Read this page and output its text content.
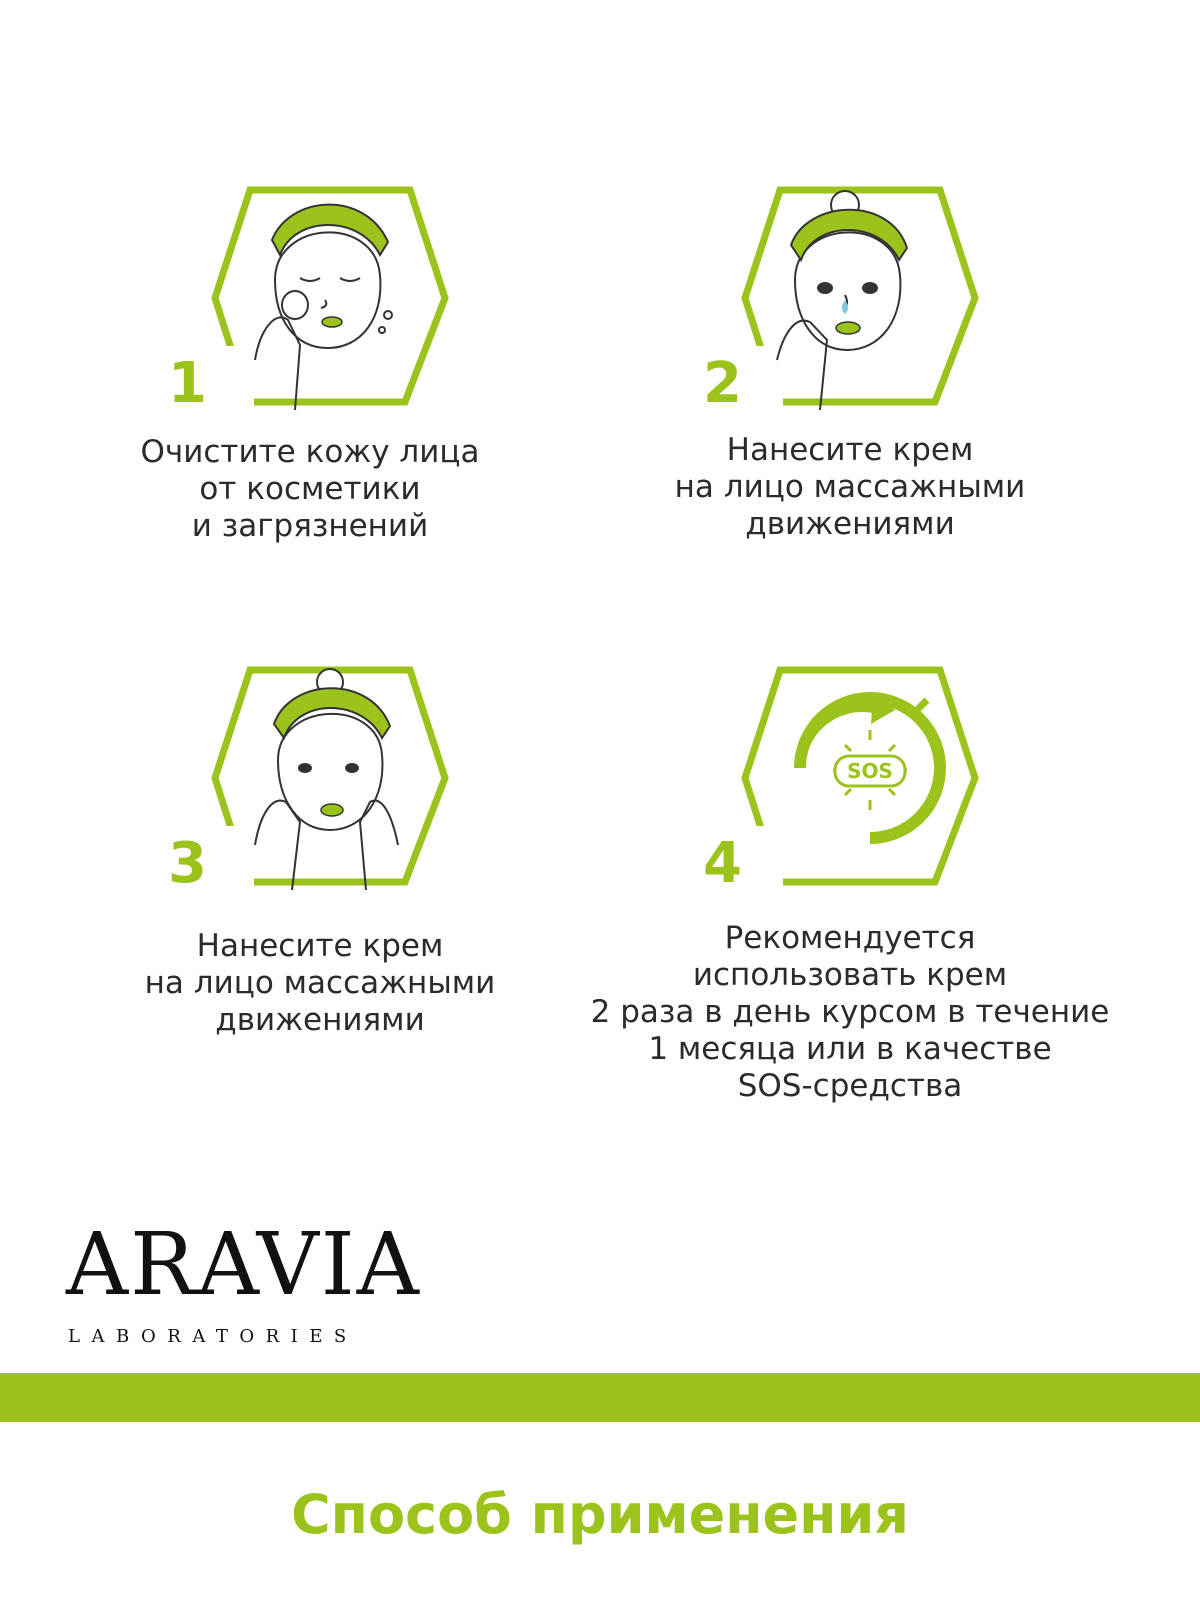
1
Очистите кожу лица
от косметики
и загрязнений
2
Нанесите крем
на лицо массажными
движениями
3
Нанесите крем
на лицо массажными
движениями
SOS
4
Рекомендуется
использовать крем
2 раза в день курсом в течение
1 месяца или в качестве
SOS-средства
ARAVIA
LABORATORIES
Способ применения
